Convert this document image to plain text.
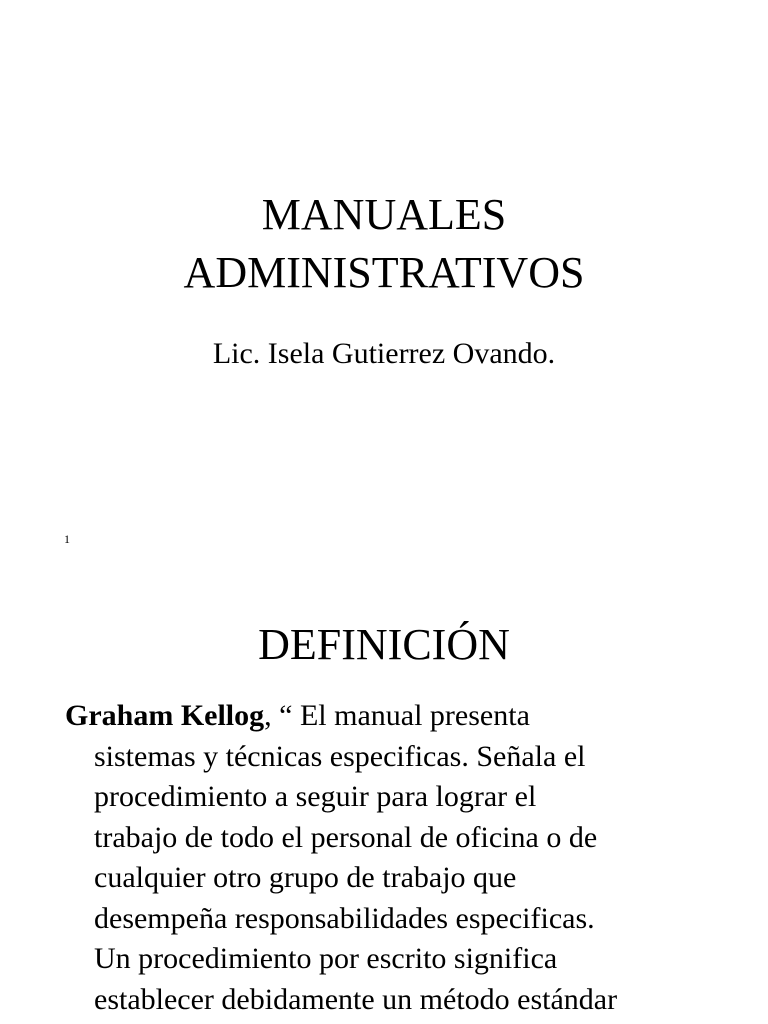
MANUALES
ADMINISTRATIVOS

Lic. Isela Gutierrez Ovando.

1
DEFINICIÓN

Graham Kellog, “ El manual presenta
sistemas y técnicas especificas. Señala el
procedimiento a seguir para lograr el
trabajo de todo el personal de oficina o de
cualquier otro grupo de trabajo que
desempeña responsabilidades especificas.
Un procedimiento por escrito significa
establecer debidamente un método estándar
